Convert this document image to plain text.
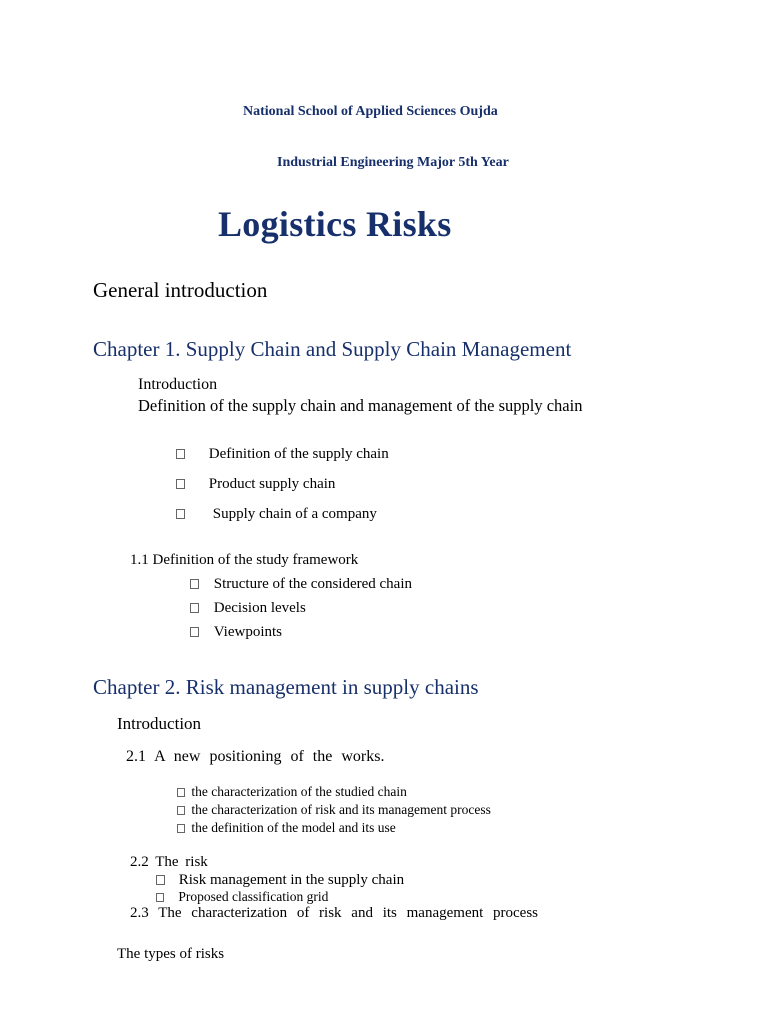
National School of Applied Sciences Oujda
Industrial Engineering Major 5th Year
Logistics Risks
General introduction
Chapter 1. Supply Chain and Supply Chain Management
Introduction
Definition of the supply chain and management of the supply chain
Definition of the supply chain
Product supply chain
Supply chain of a company
1.1 Definition of the study framework
Structure of the considered chain
Decision levels
Viewpoints
Chapter 2. Risk management in supply chains
Introduction
2.1 A new positioning of the works.
the characterization of the studied chain
the characterization of risk and its management process
the definition of the model and its use
2.2 The risk
Risk management in the supply chain
Proposed classification grid
2.3 The characterization of risk and its management process
The types of risks
